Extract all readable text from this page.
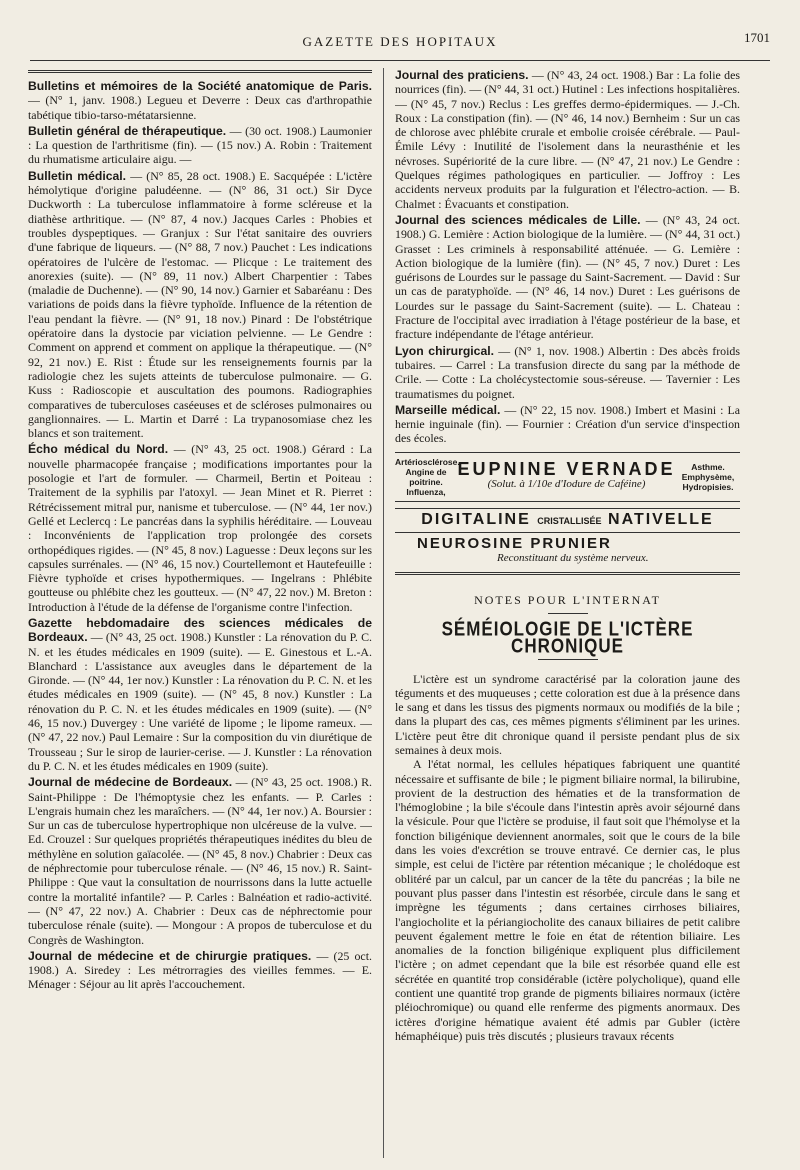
GAZETTE DES HOPITAUX	1701

Bulletins et mémoires de la Société anatomique de Paris. — (N° 1, janv. 1908.) Legueu et Deverre : Deux cas d'arthropathie tabétique tibio-tarso-métatarsienne.

Bulletin général de thérapeutique. — (30 oct. 1908.) Laumonier : La question de l'arthritisme (fin). — (15 nov.) A. Robin : Traitement du rhumatisme articulaire aigu. —

Bulletin médical. — (N° 85, 28 oct. 1908.) E. Sacquépée : L'ictère hémolytique d'origine paludéenne. — (N° 86, 31 oct.) Sir Dyce Duckworth : La tuberculose inflammatoire à forme scléreuse et la diathèse arthritique. — (N° 87, 4 nov.) Jacques Carles : Phobies et troubles dyspeptiques. — Granjux : Sur l'état sanitaire des ouvriers d'une fabrique de liqueurs. — (N° 88, 7 nov.) Pauchet : Les indications opératoires de l'ulcère de l'estomac. — Plicque : Le traitement des anorexies (suite). — (N° 89, 11 nov.) Albert Charpentier : Tabes (maladie de Duchenne). — (N° 90, 14 nov.) Garnier et Sabaréanu : Des variations de poids dans la fièvre typhoïde. Influence de la rétention de l'eau pendant la fièvre. — (N° 91, 18 nov.) Pinard : De l'obstétrique opératoire dans la dystocie par viciation pelvienne. — Le Gendre : Comment on apprend et comment on applique la thérapeutique. — (N° 92, 21 nov.) E. Rist : Étude sur les renseignements fournis par la radiologie chez les sujets atteints de tuberculose pulmonaire. — G. Kuss : Radioscopie et auscultation des poumons. Radiographies comparatives de tuberculoses caséeuses et de scléroses pulmonaires ou ganglionnaires. — L. Martin et Darré : La trypanosomiase chez les blancs et son traitement.

Écho médical du Nord. — (N° 43, 25 oct. 1908.) Gérard : La nouvelle pharmacopée française ; modifications importantes pour la posologie et l'art de formuler. — Charmeil, Bertin et Poiteau : Traitement de la syphilis par l'atoxyl. — Jean Minet et R. Pierret : Rétrécissement mitral pur, nanisme et tuberculose. — (N° 44, 1er nov.) Gellé et Leclercq : Le pancréas dans la syphilis héréditaire. — Louveau : Inconvénients de l'application trop prolongée des corsets orthopédiques rigides. — (N° 45, 8 nov.) Laguesse : Deux leçons sur les capsules surrénales. — (N° 46, 15 nov.) Courtellemont et Hautefeuille : Fièvre typhoïde et crises hypothermiques. — Ingelrans : Phlébite goutteuse ou phlébite chez les goutteux. — (N° 47, 22 nov.) M. Breton : Introduction à l'étude de la défense de l'organisme contre l'infection.

Gazette hebdomadaire des sciences médicales de Bordeaux. — (N° 43, 25 oct. 1908.) Kunstler : La rénovation du P. C. N. et les études médicales en 1909 (suite). — E. Ginestous et L.-A. Blanchard : L'assistance aux aveugles dans le département de la Gironde. — (N° 44, 1er nov.) Kunstler : La rénovation du P. C. N. et les études médicales en 1909 (suite). — (N° 45, 8 nov.) Kunstler : La rénovation du P. C. N. et les études médicales en 1909 (suite). — (N° 46, 15 nov.) Duvergey : Une variété de lipome ; le lipome rameux. — (N° 47, 22 nov.) Paul Lemaire : Sur la composition du vin diurétique de Trousseau ; Sur le sirop de laurier-cerise. — J. Kunstler : La rénovation du P. C. N. et les études médicales en 1909 (suite).

Journal de médecine de Bordeaux. — (N° 43, 25 oct. 1908.) R. Saint-Philippe : De l'hémoptysie chez les enfants. — P. Carles : L'engrais humain chez les maraîchers. — (N° 44, 1er nov.) A. Boursier : Sur un cas de tuberculose hypertrophique non ulcéreuse de la vulve. — Ed. Crouzel : Sur quelques propriétés thérapeutiques inédites du bleu de méthylène en solution gaïacolée. — (N° 45, 8 nov.) Chabrier : Deux cas de néphrectomie pour tuberculose rénale. — (N° 46, 15 nov.) R. Saint-Philippe : Que vaut la consultation de nourrissons dans la lutte actuelle contre la mortalité infantile? — P. Carles : Balnéation et radio-activité. — (N° 47, 22 nov.) A. Chabrier : Deux cas de néphrectomie pour tuberculose rénale (suite). — Mongour : A propos de tuberculose et du Congrès de Washington.

Journal de médecine et de chirurgie pratiques. — (25 oct. 1908.) A. Siredey : Les métrorragies des vieilles femmes. — E. Ménager : Séjour au lit après l'accouchement.

Journal des praticiens. — (N° 43, 24 oct. 1908.) Bar : La folie des nourrices (fin). — (N° 44, 31 oct.) Hutinel : Les infections hospitalières. — (N° 45, 7 nov.) Reclus : Les greffes dermo-épidermiques. — J.-Ch. Roux : La constipation (fin). — (N° 46, 14 nov.) Bernheim : Sur un cas de chlorose avec phlébite crurale et embolie croisée cérébrale. — Paul-Émile Lévy : Inutilité de l'isolement dans la neurasthénie et les névroses. Supériorité de la cure libre. — (N° 47, 21 nov.) Le Gendre : Quelques régimes pathologiques en particulier. — Joffroy : Les accidents nerveux produits par la fulguration et l'électro-action. — B. Chalmet : Évacuants et constipation.

Journal des sciences médicales de Lille. — (N° 43, 24 oct. 1908.) G. Lemière : Action biologique de la lumière. — (N° 44, 31 oct.) Grasset : Les criminels à responsabilité atténuée. — G. Lemière : Action biologique de la lumière (fin). — (N° 45, 7 nov.) Duret : Les guérisons de Lourdes sur le passage du Saint-Sacrement. — David : Sur un cas de paratyphoïde. — (N° 46, 14 nov.) Duret : Les guérisons de Lourdes sur le passage du Saint-Sacrement (suite). — L. Chateau : Fracture de l'occipital avec irradiation à l'étage postérieur de la base, et fracture indépendante de l'étage antérieur.

Lyon chirurgical. — (N° 1, nov. 1908.) Albertin : Des abcès froids tubaires. — Carrel : La transfusion directe du sang par la méthode de Crile. — Cotte : La cholécystectomie sous-séreuse. — Tavernier : Les traumatismes du poignet.

Marseille médical. — (N° 22, 15 nov. 1908.) Imbert et Masini : La hernie inguinale (fin). — Fournier : Création d'un service d'inspection des écoles.

Artériosclérose. Angine de poitrine. Influenza,
EUPNINE VERNADE
(Solut. à 1/10e d'Iodure de Caféine)
Asthme. Emphysème, Hydropisies.
DIGITALINE CRISTALLISÉE NATIVELLE
NEUROSINE PRUNIER
Reconstituant du système nerveux.
NOTES POUR L'INTERNAT
SÉMÉIOLOGIE DE L'ICTÈRE CHRONIQUE

L'ictère est un syndrome caractérisé par la coloration jaune des téguments et des muqueuses ; cette coloration est due à la présence dans le sang et dans les tissus des pigments normaux ou modifiés de la bile ; dans la plupart des cas, ces mêmes pigments s'éliminent par les urines. L'ictère peut être dit chronique quand il persiste pendant plus de six semaines à deux mois.

A l'état normal, les cellules hépatiques fabriquent une quantité nécessaire et suffisante de bile ; le pigment biliaire normal, la bilirubine, provient de la destruction des hématies et de la transformation de l'hémoglobine ; la bile s'écoule dans l'intestin après avoir séjourné dans la vésicule. Pour que l'ictère se produise, il faut soit que l'hémolyse et la fonction biligénique deviennent anormales, soit que le cours de la bile dans les voies d'excrétion se trouve entravé. Ce dernier cas, le plus simple, est celui de l'ictère par rétention mécanique ; le cholédoque est oblitéré par un calcul, par un cancer de la tête du pancréas ; la bile ne pouvant plus passer dans l'intestin est résorbée, circule dans le sang et imprègne les téguments ; dans certaines cirrhoses biliaires, l'angiocholite et la périangiocholite des canaux biliaires de petit calibre peuvent également mettre le foie en état de rétention biliaire. Les anomalies de la fonction biligénique expliquent plus difficilement l'ictère ; on admet cependant que la bile est résorbée quand elle est sécrétée en quantité trop considérable (ictère polycholique), quand elle contient une quantité trop grande de pigments biliaires normaux (ictère pléiochromique) ou quand elle renferme des pigments anormaux. Des ictères d'origine hématique avaient été admis par Gubler (ictère hémaphéique) puis très discutés ; plusieurs travaux récents
